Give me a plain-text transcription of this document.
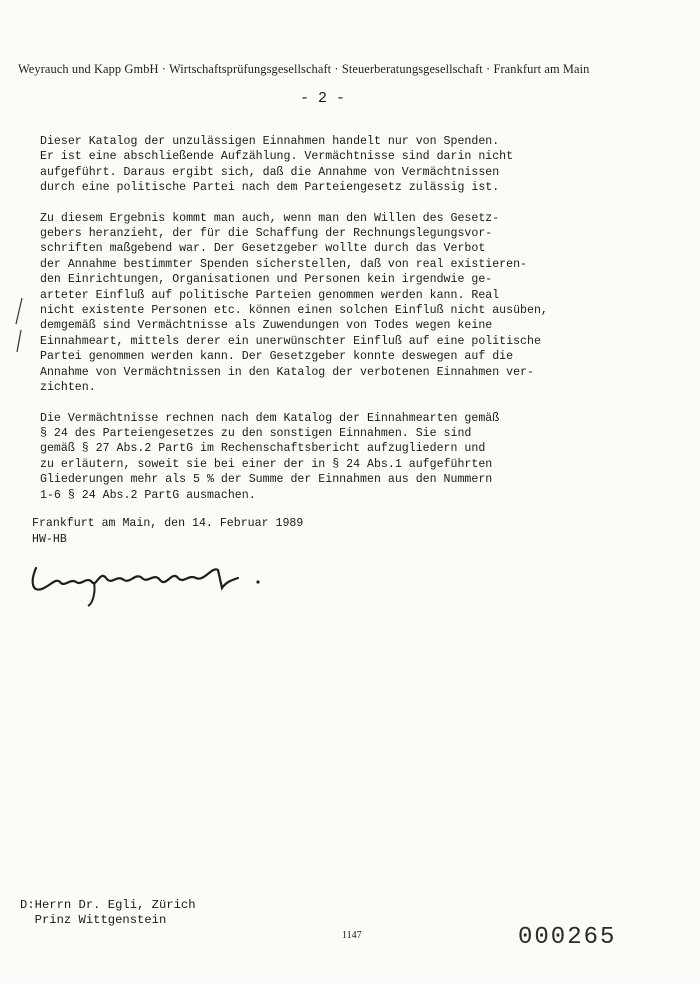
Weyrauch und Kapp GmbH · Wirtschaftsprüfungsgesellschaft · Steuerberatungsgesellschaft · Frankfurt am Main
- 2 -
Dieser Katalog der unzulässigen Einnahmen handelt nur von Spenden.
Er ist eine abschließende Aufzählung. Vermächtnisse sind darin nicht
aufgeführt. Daraus ergibt sich, daß die Annahme von Vermächtnissen
durch eine politische Partei nach dem Parteiengesetz zulässig ist.
Zu diesem Ergebnis kommt man auch, wenn man den Willen des Gesetz-
gebers heranzieht, der für die Schaffung der Rechnungslegungsvor-
schriften maßgebend war. Der Gesetzgeber wollte durch das Verbot
der Annahme bestimmter Spenden sicherstellen, daß von real existieren-
den Einrichtungen, Organisationen und Personen kein irgendwie ge-
arteter Einfluß auf politische Parteien genommen werden kann. Real
nicht existente Personen etc. können einen solchen Einfluß nicht ausüben,
demgemäß sind Vermächtnisse als Zuwendungen von Todes wegen keine
Einnahmeart, mittels derer ein unerwünschter Einfluß auf eine politische
Partei genommen werden kann. Der Gesetzgeber konnte deswegen auf die
Annahme von Vermächtnissen in den Katalog der verbotenen Einnahmen ver-
zichten.
Die Vermächtnisse rechnen nach dem Katalog der Einnahmearten gemäß
§ 24 des Parteiengesetzes zu den sonstigen Einnahmen. Sie sind
gemäß § 27 Abs.2 PartG im Rechenschaftsbericht aufzugliedern und
zu erläutern, soweit sie bei einer der in § 24 Abs.1 aufgeführten
Gliederungen mehr als 5 % der Summe der Einnahmen aus den Nummern
1-6 § 24 Abs.2 PartG ausmachen.
Frankfurt am Main, den 14. Februar 1989
HW-HB
D:Herrn Dr. Egli, Zürich
Prinz Wittgenstein
1147	000265
